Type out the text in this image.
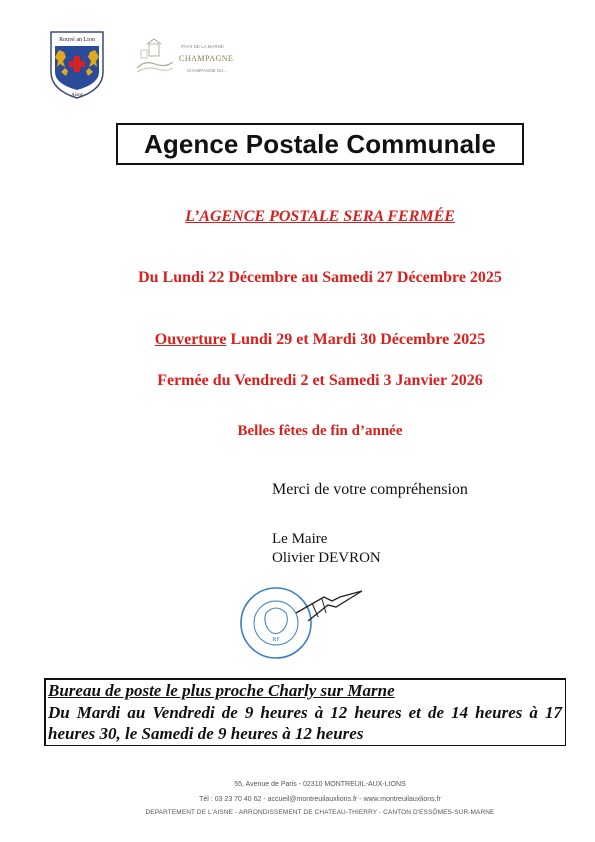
Rouvé an Lion
Aisne
PAYS DE LA MARNE
CHAMPAGNE
CHAMPAGNE DU...
Agence Postale Communale
L’AGENCE POSTALE SERA FERMÉE
Du Lundi 22 Décembre au Samedi 27 Décembre 2025
Ouverture Lundi 29 et Mardi 30 Décembre 2025
Fermée du Vendredi 2 et Samedi 3 Janvier 2026
Belles fêtes de fin d’année
Merci de votre compréhension
Le Maire
Olivier DEVRON
RF
Bureau de poste le plus proche Charly sur Marne
Du Mardi au Vendredi de 9 heures à 12 heures et de 14 heures à 17 heures 30, le Samedi de 9 heures à 12 heures
55, Avenue de Paris - 02310 MONTREUIL-AUX-LIONS
Tél : 03 23 70 40 62 - accueil@montreuilauxlions.fr - www.montreuilauxlions.fr
DEPARTEMENT DE L'AISNE - ARRONDISSEMENT DE CHATEAU-THIERRY - CANTON D'ESSÔMES-SUR-MARNE
